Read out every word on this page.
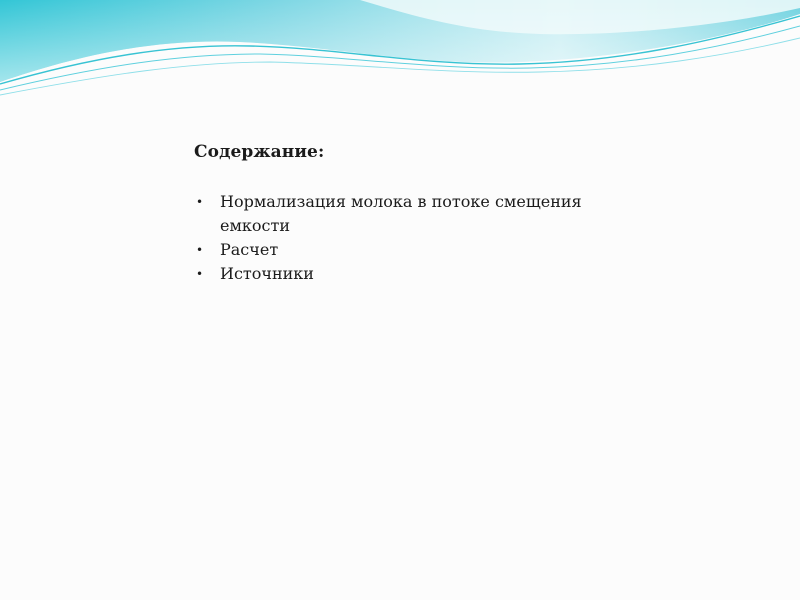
Содержание:
• Нормализация молока в потоке смещения емкости
• Расчет
• Источники
